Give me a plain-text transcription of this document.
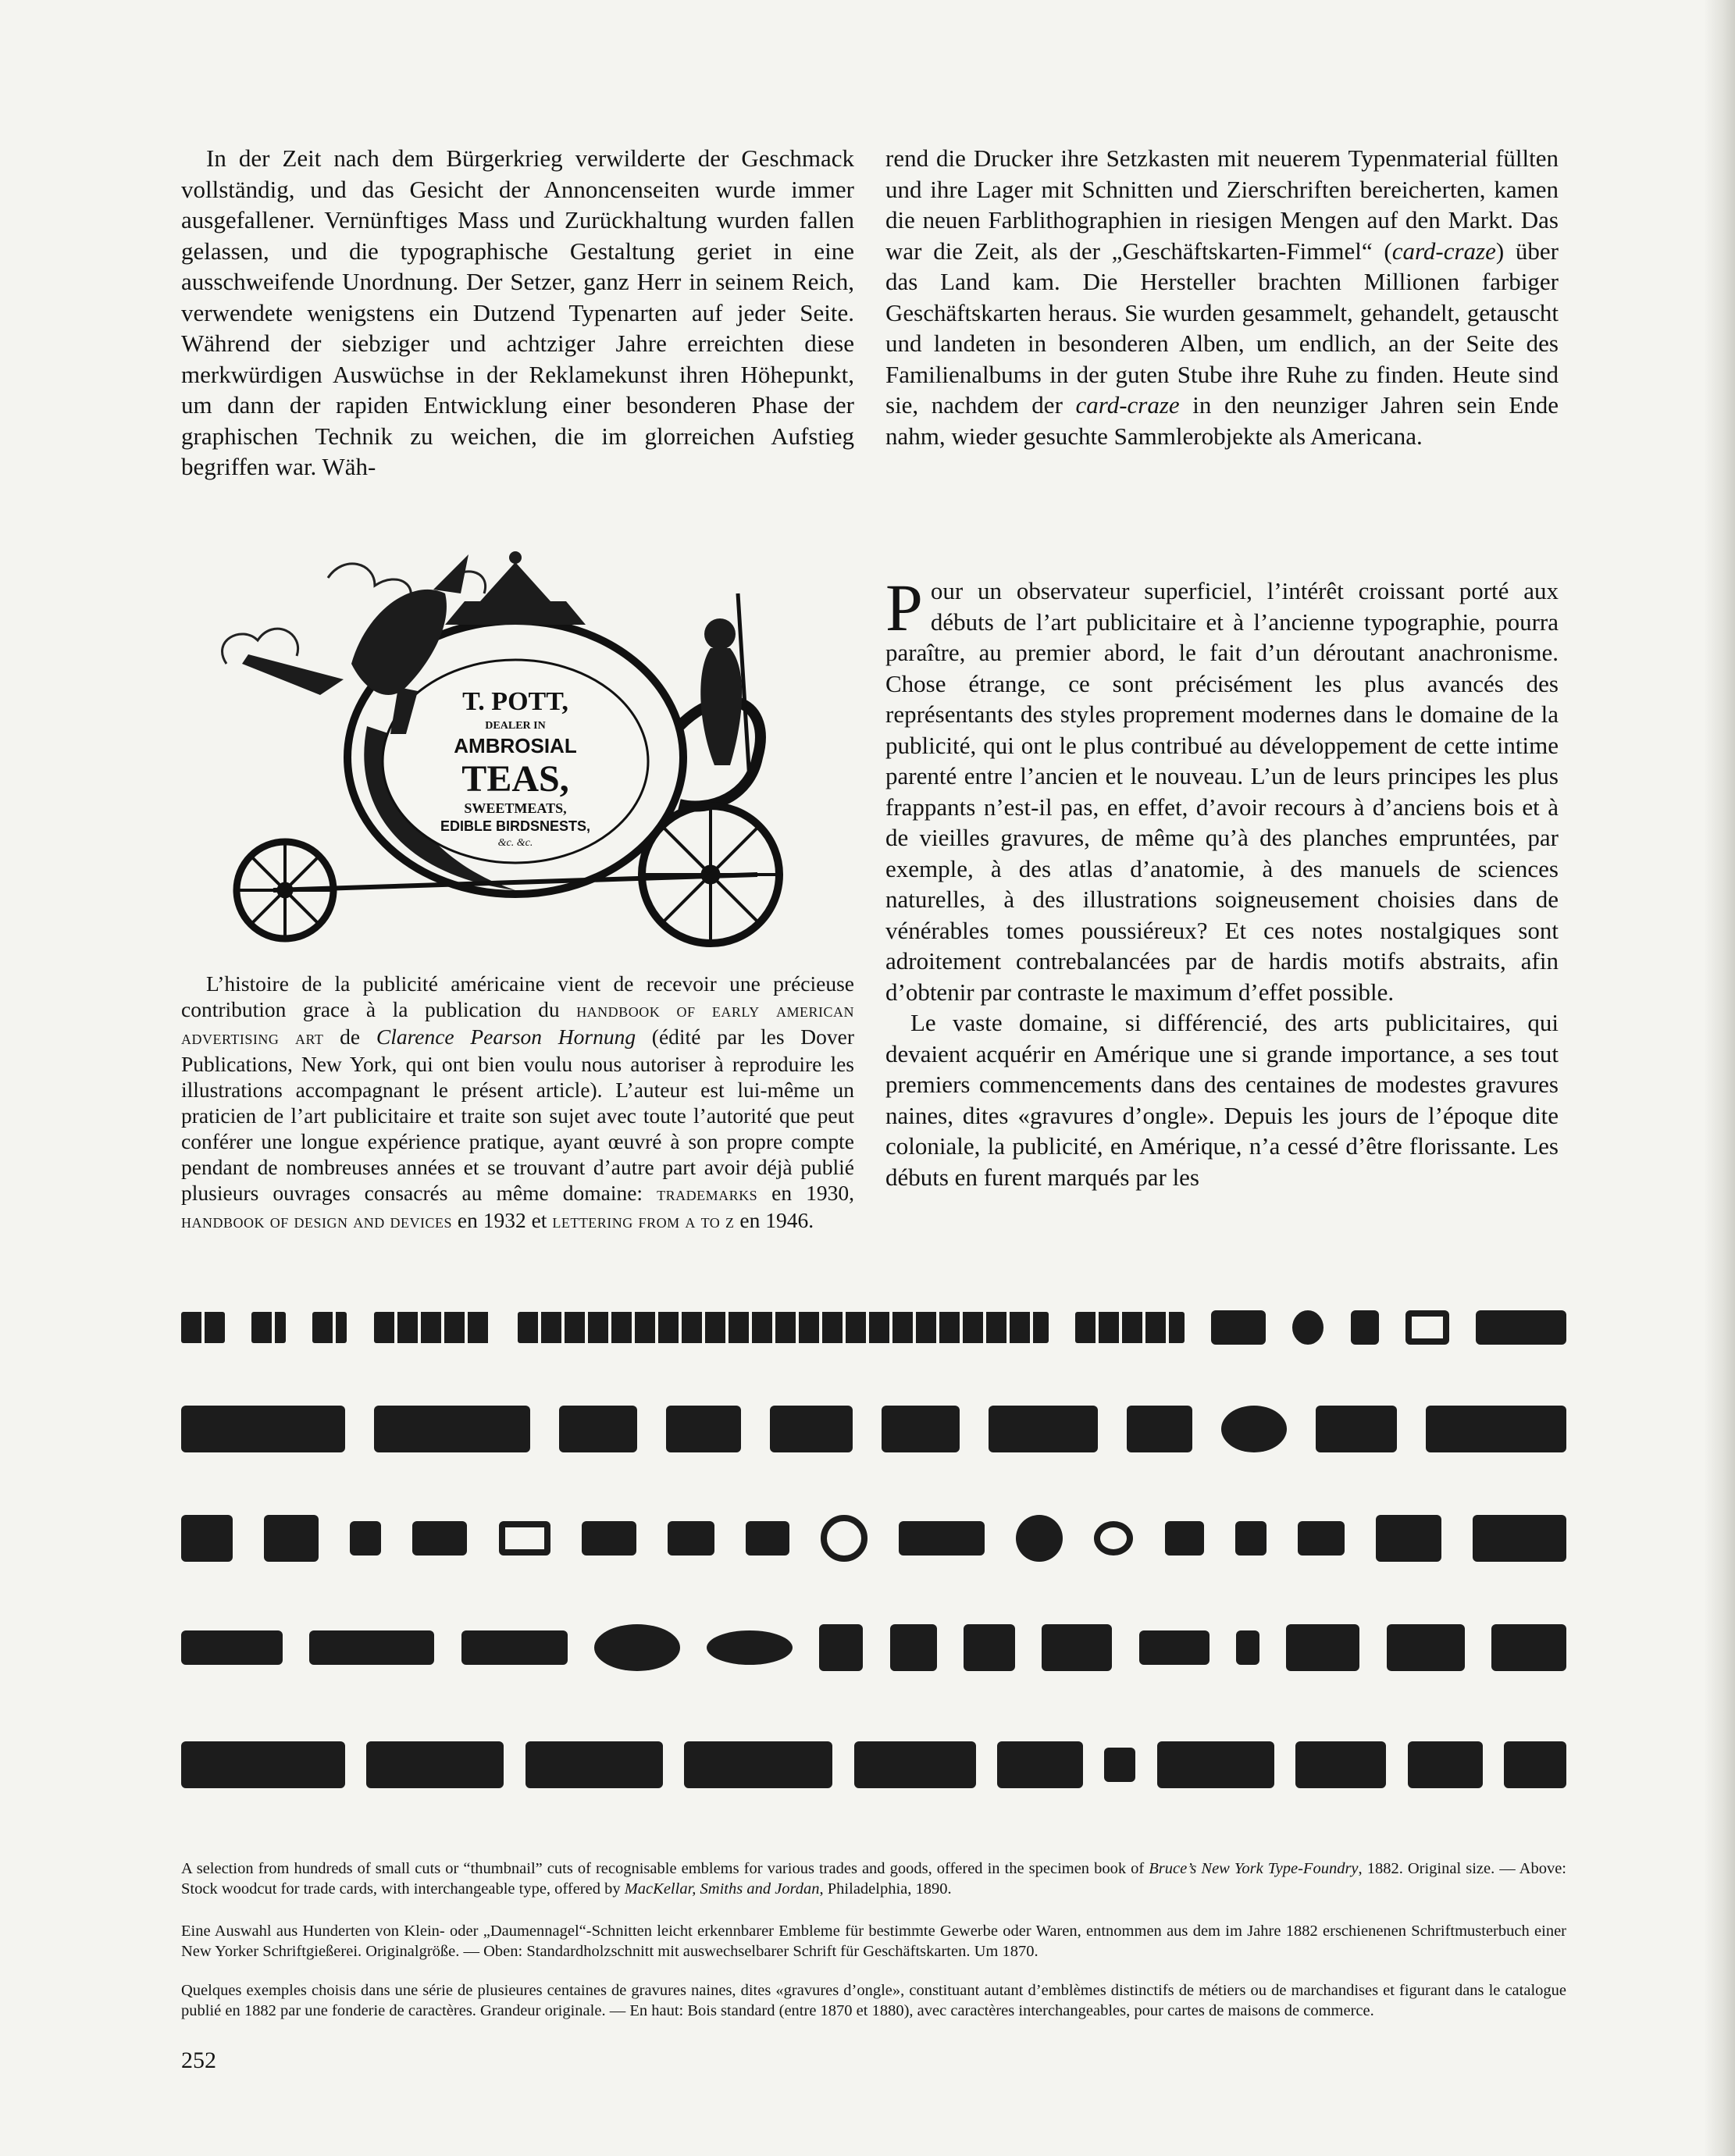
In der Zeit nach dem Bürgerkrieg verwilderte der Geschmack vollständig, und das Gesicht der Annoncenseiten wurde immer ausgefallener. Vernünftiges Mass und Zurückhaltung wurden fallen gelassen, und die typographische Gestaltung geriet in eine ausschweifende Unordnung. Der Setzer, ganz Herr in seinem Reich, verwendete wenigstens ein Dutzend Typenarten auf jeder Seite. Während der siebziger und achtziger Jahre erreichten diese merkwürdigen Auswüchse in der Reklamekunst ihren Höhepunkt, um dann der rapiden Entwicklung einer besonderen Phase der graphischen Technik zu weichen, die im glorreichen Aufstieg begriffen war. Wäh-

rend die Drucker ihre Setzkasten mit neuerem Typenmaterial füllten und ihre Lager mit Schnitten und Zierschriften bereicherten, kamen die neuen Farblithographien in riesigen Mengen auf den Markt. Das war die Zeit, als der „Geschäftskarten-Fimmel“ (card-craze) über das Land kam. Die Hersteller brachten Millionen farbiger Geschäftskarten heraus. Sie wurden gesammelt, gehandelt, getauscht und landeten in besonderen Alben, um endlich, an der Seite des Familienalbums in der guten Stube ihre Ruhe zu finden. Heute sind sie, nachdem der card-craze in den neunziger Jahren sein Ende nahm, wieder gesuchte Sammlerobjekte als Americana.

T. POTT,
DEALER IN
AMBROSIAL
TEAS,
SWEETMEATS,
EDIBLE BIRDSNESTS,
&c. &c.

L’histoire de la publicité américaine vient de recevoir une précieuse contribution grace à la publication du handbook of early american advertising art de Clarence Pearson Hornung (édité par les Dover Publications, New York, qui ont bien voulu nous autoriser à reproduire les illustrations accompagnant le présent article). L’auteur est lui-même un praticien de l’art publicitaire et traite son sujet avec toute l’autorité que peut conférer une longue expérience pratique, ayant œuvré à son propre compte pendant de nombreuses années et se trouvant d’autre part avoir déjà publié plusieurs ouvrages consacrés au même domaine: trademarks en 1930, handbook of design and devices en 1932 et lettering from a to z en 1946.

Pour un observateur superficiel, l’intérêt croissant porté aux débuts de l’art publicitaire et à l’ancienne typographie, pourra paraître, au premier abord, le fait d’un déroutant anachronisme. Chose étrange, ce sont précisément les plus avancés des représentants des styles proprement modernes dans le domaine de la publicité, qui ont le plus contribué au développement de cette intime parenté entre l’ancien et le nouveau. L’un de leurs principes les plus frappants n’est-il pas, en effet, d’avoir recours à d’anciens bois et à de vieilles gravures, de même qu’à des planches empruntées, par exemple, à des atlas d’anatomie, à des manuels de sciences naturelles, à des illustrations soigneusement choisies dans de vénérables tomes poussiéreux? Et ces notes nostalgiques sont adroitement contrebalancées par de hardis motifs abstraits, afin d’obtenir par contraste le maximum d’effet possible.

Le vaste domaine, si différencié, des arts publicitaires, qui devaient acquérir en Amérique une si grande importance, a ses tout premiers commencements dans des centaines de modestes gravures naines, dites «gravures d’ongle». Depuis les jours de l’époque dite coloniale, la publicité, en Amérique, n’a cessé d’être florissante. Les débuts en furent marqués par les

A selection from hundreds of small cuts or “thumbnail” cuts of recognisable emblems for various trades and goods, offered in the specimen book of Bruce’s New York Type-Foundry, 1882. Original size. — Above: Stock woodcut for trade cards, with interchangeable type, offered by MacKellar, Smiths and Jordan, Philadelphia, 1890.

Eine Auswahl aus Hunderten von Klein- oder „Daumennagel“-Schnitten leicht erkennbarer Embleme für bestimmte Gewerbe oder Waren, entnommen aus dem im Jahre 1882 erschienenen Schriftmusterbuch einer New Yorker Schriftgießerei. Originalgröße. — Oben: Standardholzschnitt mit auswechselbarer Schrift für Geschäftskarten. Um 1870.

Quelques exemples choisis dans une série de plusieures centaines de gravures naines, dites «gravures d’ongle», constituant autant d’emblèmes distinctifs de métiers ou de marchandises et figurant dans le catalogue publié en 1882 par une fonderie de caractères. Grandeur originale. — En haut: Bois standard (entre 1870 et 1880), avec caractères interchangeables, pour cartes de maisons de commerce.

252
